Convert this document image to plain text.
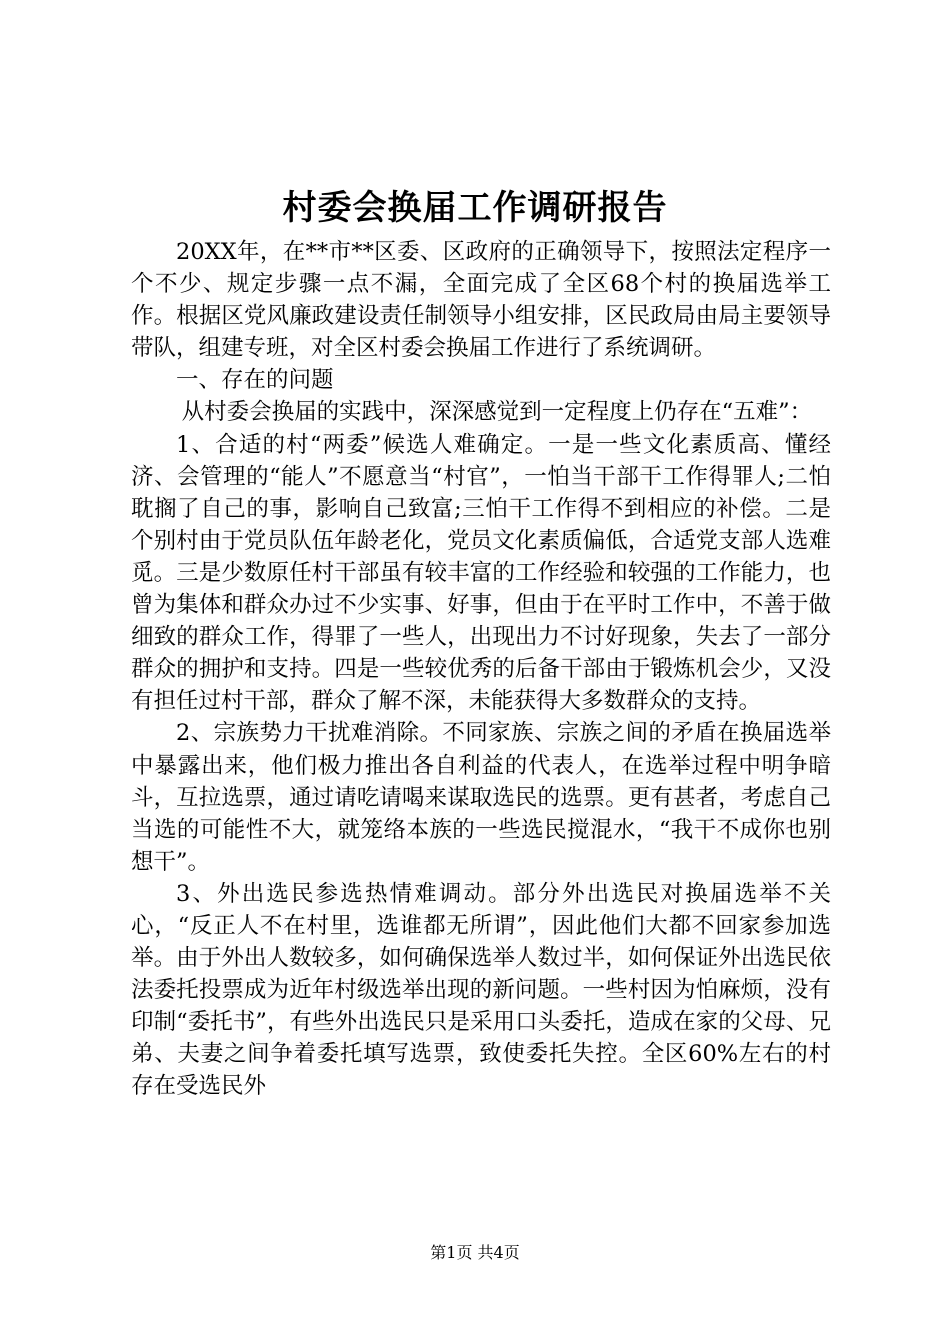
村委会换届工作调研报告

20XX年，在**市**区委、区政府的正确领导下，按照法定程序一个不少、规定步骤一点不漏，全面完成了全区68个村的换届选举工作。根据区党风廉政建设责任制领导小组安排，区民政局由局主要领导带队，组建专班，对全区村委会换届工作进行了系统调研。

一、存在的问题

从村委会换届的实践中，深深感觉到一定程度上仍存在“五难”：

1、合适的村“两委”候选人难确定。一是一些文化素质高、懂经济、会管理的“能人”不愿意当“村官”，一怕当干部干工作得罪人;二怕耽搁了自己的事，影响自己致富;三怕干工作得不到相应的补偿。二是个别村由于党员队伍年龄老化，党员文化素质偏低，合适党支部人选难觅。三是少数原任村干部虽有较丰富的工作经验和较强的工作能力，也曾为集体和群众办过不少实事、好事，但由于在平时工作中，不善于做细致的群众工作，得罪了一些人，出现出力不讨好现象，失去了一部分群众的拥护和支持。四是一些较优秀的后备干部由于锻炼机会少，又没有担任过村干部，群众了解不深，未能获得大多数群众的支持。

2、宗族势力干扰难消除。不同家族、宗族之间的矛盾在换届选举中暴露出来，他们极力推出各自利益的代表人，在选举过程中明争暗斗，互拉选票，通过请吃请喝来谋取选民的选票。更有甚者，考虑自己当选的可能性不大，就笼络本族的一些选民搅混水，“我干不成你也别想干”。

3、外出选民参选热情难调动。部分外出选民对换届选举不关心，“反正人不在村里，选谁都无所谓”，因此他们大都不回家参加选举。由于外出人数较多，如何确保选举人数过半，如何保证外出选民依法委托投票成为近年村级选举出现的新问题。一些村因为怕麻烦，没有印制“委托书”，有些外出选民只是采用口头委托，造成在家的父母、兄弟、夫妻之间争着委托填写选票，致使委托失控。全区60%左右的村存在受选民外

第1页 共4页
